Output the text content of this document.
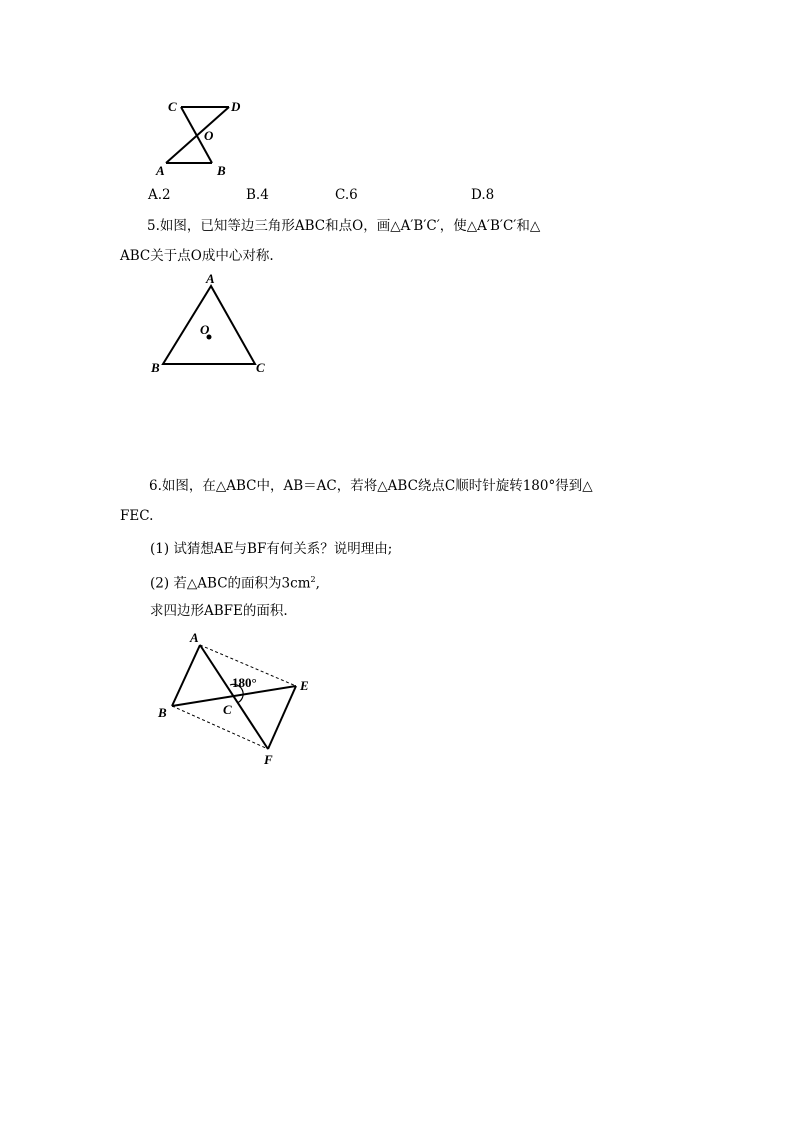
C	D
O
A	B
A.2	B.4	C.6	D.8
5.如图，已知等边三角形ABC和点O，画△A′B′C′，使△A′B′C′和△
ABC关于点O成中心对称.
A
O
B	C
6.如图，在△ABC中，AB＝AC，若将△ABC绕点C顺时针旋转180°得到△
FEC.
(1) 试猜想AE与BF有何关系？说明理由;
(2) 若△ABC的面积为$3cm^2$,
求四边形ABFE的面积.
A
180°	E
B	C
F
